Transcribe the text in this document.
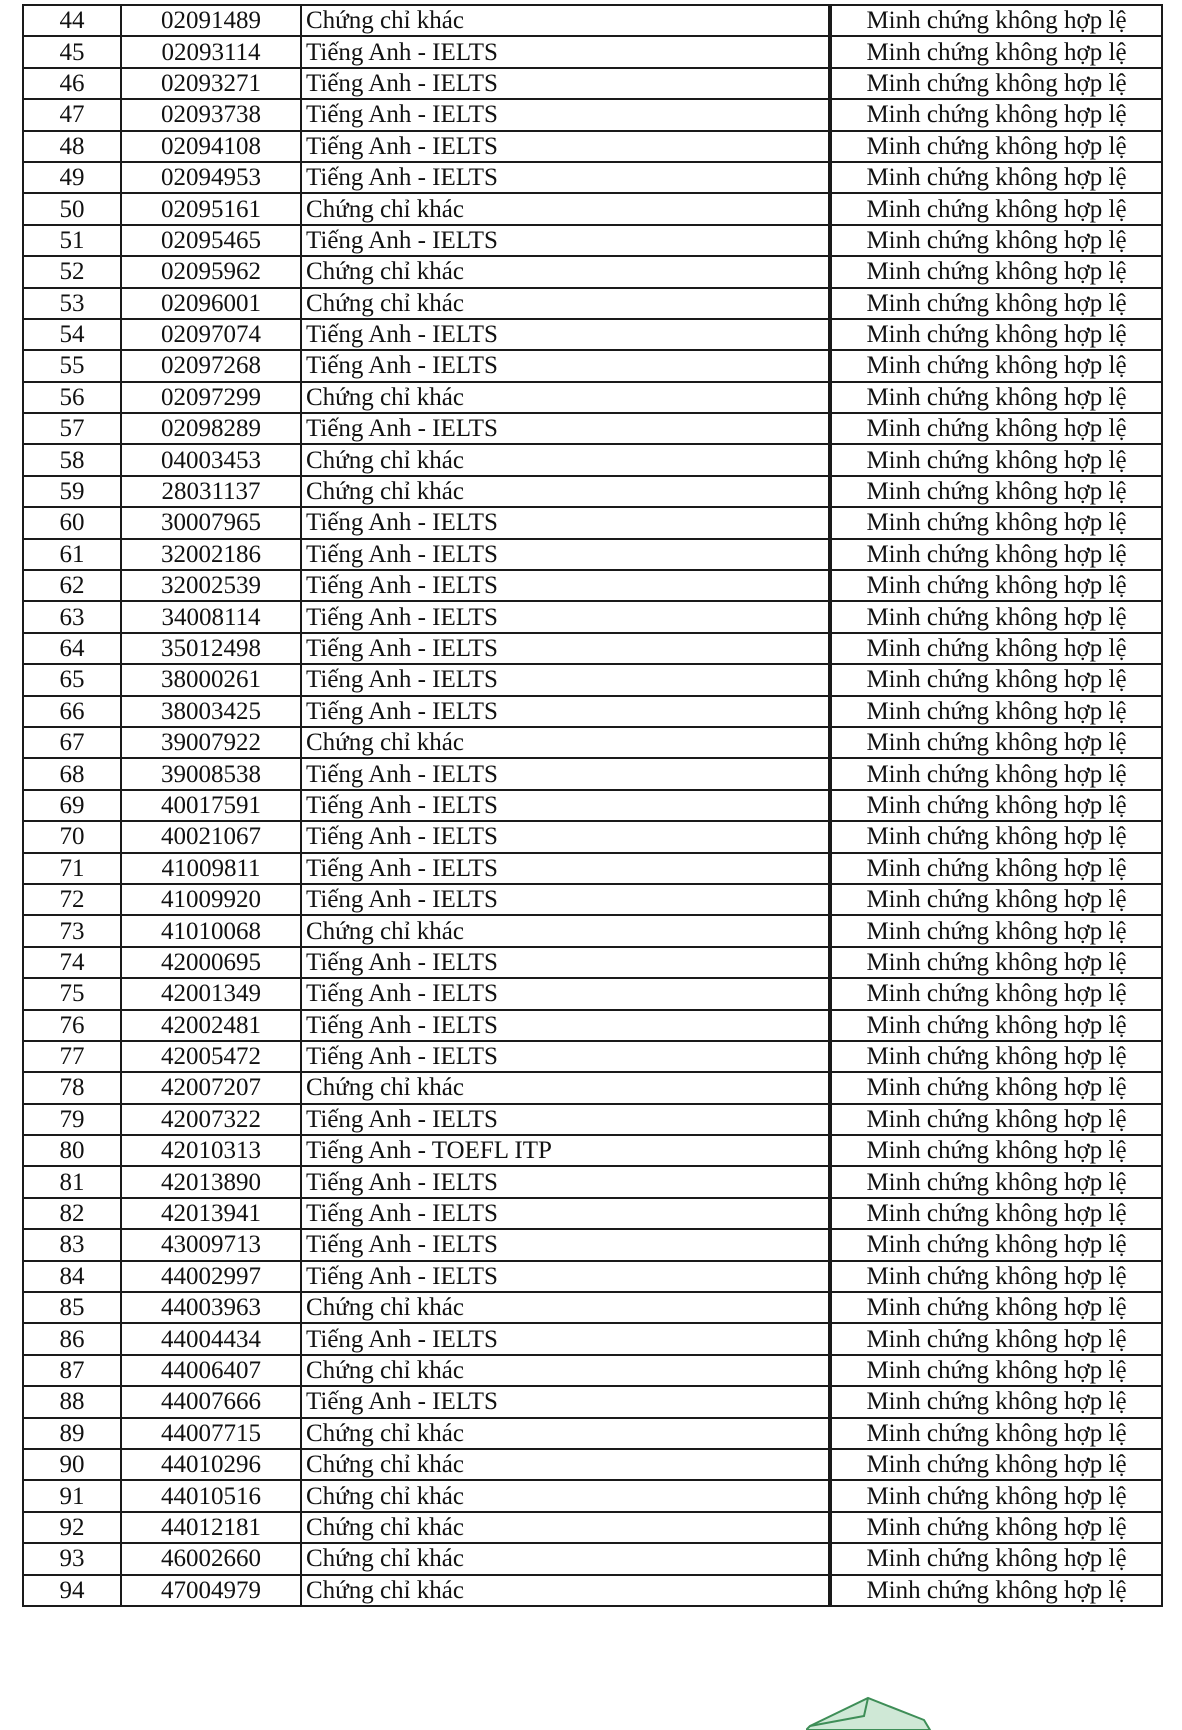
44	02091489	Chứng chỉ khác		Minh chứng không hợp lệ
45	02093114	Tiếng Anh - IELTS		Minh chứng không hợp lệ
46	02093271	Tiếng Anh - IELTS		Minh chứng không hợp lệ
47	02093738	Tiếng Anh - IELTS		Minh chứng không hợp lệ
48	02094108	Tiếng Anh - IELTS		Minh chứng không hợp lệ
49	02094953	Tiếng Anh - IELTS		Minh chứng không hợp lệ
50	02095161	Chứng chỉ khác		Minh chứng không hợp lệ
51	02095465	Tiếng Anh - IELTS		Minh chứng không hợp lệ
52	02095962	Chứng chỉ khác		Minh chứng không hợp lệ
53	02096001	Chứng chỉ khác		Minh chứng không hợp lệ
54	02097074	Tiếng Anh - IELTS		Minh chứng không hợp lệ
55	02097268	Tiếng Anh - IELTS		Minh chứng không hợp lệ
56	02097299	Chứng chỉ khác		Minh chứng không hợp lệ
57	02098289	Tiếng Anh - IELTS		Minh chứng không hợp lệ
58	04003453	Chứng chỉ khác		Minh chứng không hợp lệ
59	28031137	Chứng chỉ khác		Minh chứng không hợp lệ
60	30007965	Tiếng Anh - IELTS		Minh chứng không hợp lệ
61	32002186	Tiếng Anh - IELTS		Minh chứng không hợp lệ
62	32002539	Tiếng Anh - IELTS		Minh chứng không hợp lệ
63	34008114	Tiếng Anh - IELTS		Minh chứng không hợp lệ
64	35012498	Tiếng Anh - IELTS		Minh chứng không hợp lệ
65	38000261	Tiếng Anh - IELTS		Minh chứng không hợp lệ
66	38003425	Tiếng Anh - IELTS		Minh chứng không hợp lệ
67	39007922	Chứng chỉ khác		Minh chứng không hợp lệ
68	39008538	Tiếng Anh - IELTS		Minh chứng không hợp lệ
69	40017591	Tiếng Anh - IELTS		Minh chứng không hợp lệ
70	40021067	Tiếng Anh - IELTS		Minh chứng không hợp lệ
71	41009811	Tiếng Anh - IELTS		Minh chứng không hợp lệ
72	41009920	Tiếng Anh - IELTS		Minh chứng không hợp lệ
73	41010068	Chứng chỉ khác		Minh chứng không hợp lệ
74	42000695	Tiếng Anh - IELTS		Minh chứng không hợp lệ
75	42001349	Tiếng Anh - IELTS		Minh chứng không hợp lệ
76	42002481	Tiếng Anh - IELTS		Minh chứng không hợp lệ
77	42005472	Tiếng Anh - IELTS		Minh chứng không hợp lệ
78	42007207	Chứng chỉ khác		Minh chứng không hợp lệ
79	42007322	Tiếng Anh - IELTS		Minh chứng không hợp lệ
80	42010313	Tiếng Anh - TOEFL ITP		Minh chứng không hợp lệ
81	42013890	Tiếng Anh - IELTS		Minh chứng không hợp lệ
82	42013941	Tiếng Anh - IELTS		Minh chứng không hợp lệ
83	43009713	Tiếng Anh - IELTS		Minh chứng không hợp lệ
84	44002997	Tiếng Anh - IELTS		Minh chứng không hợp lệ
85	44003963	Chứng chỉ khác		Minh chứng không hợp lệ
86	44004434	Tiếng Anh - IELTS		Minh chứng không hợp lệ
87	44006407	Chứng chỉ khác		Minh chứng không hợp lệ
88	44007666	Tiếng Anh - IELTS		Minh chứng không hợp lệ
89	44007715	Chứng chỉ khác		Minh chứng không hợp lệ
90	44010296	Chứng chỉ khác		Minh chứng không hợp lệ
91	44010516	Chứng chỉ khác		Minh chứng không hợp lệ
92	44012181	Chứng chỉ khác		Minh chứng không hợp lệ
93	46002660	Chứng chỉ khác		Minh chứng không hợp lệ
94	47004979	Chứng chỉ khác		Minh chứng không hợp lệ
